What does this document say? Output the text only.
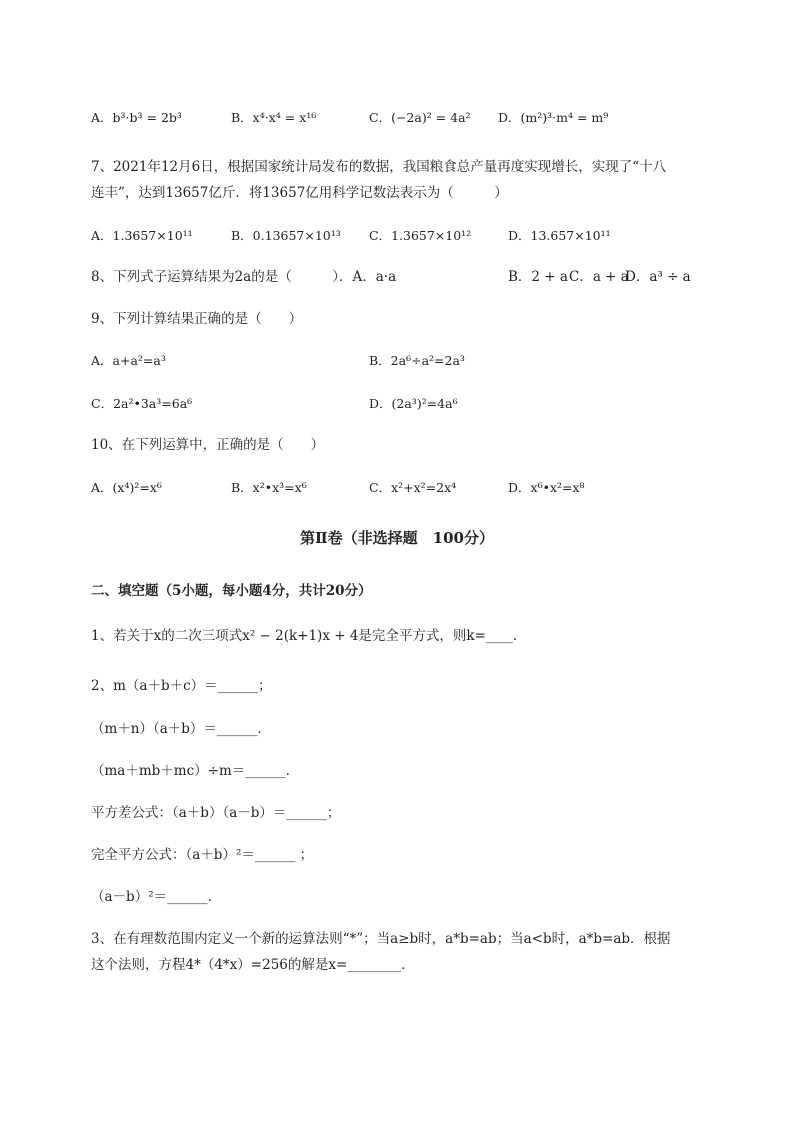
A．b³·b³ = 2b³	B．x⁴·x⁴ = x¹⁶	C．(−2a)² = 4a² D．(m²)³·m⁴ = m⁹
7、2021年12月6日，根据国家统计局发布的数据，我国粮食总产量再度实现增长，实现了“十八
连丰”，达到13657亿斤．将13657亿用科学记数法表示为（　　　）
A．1.3657×10¹¹	B．0.13657×10¹³ C．1.3657×10¹²	D．13.657×10¹¹
8、下列式子运算结果为2a的是（　　　）．A．a·a	B．2 + a C．a + a
D．a³ ÷ a
9、下列计算结果正确的是（　　）
A．a+a²=a³	B．2a⁶÷a²=2a³
C．2a²•3a³=6a⁶	D．(2a³)²=4a⁶
10、在下列运算中，正确的是（　　）
A．(x⁴)²=x⁶	B．x²•x³=x⁶	C．x²+x²=2x⁴	D．x⁶•x²=x⁸
第Ⅱ卷（非选择题　100分）
二、填空题（5小题，每小题4分，共计20分）
1、若关于x的二次三项式x² − 2(k+1)x + 4是完全平方式，则k=____．
2、m（a＋b＋c）＝______；
（m＋n）（a＋b）＝______．
（ma＋mb＋mc）÷m＝______．
平方差公式：（a＋b）（a－b）＝______；
完全平方公式：（a＋b）²＝______ ；
（a－b）²＝______．
3、在有理数范围内定义一个新的运算法则“*”；当a≥b时，a*b=ab；当a<b时，a*b=ab．根据
这个法则，方程4*（4*x）=256的解是x=________．
